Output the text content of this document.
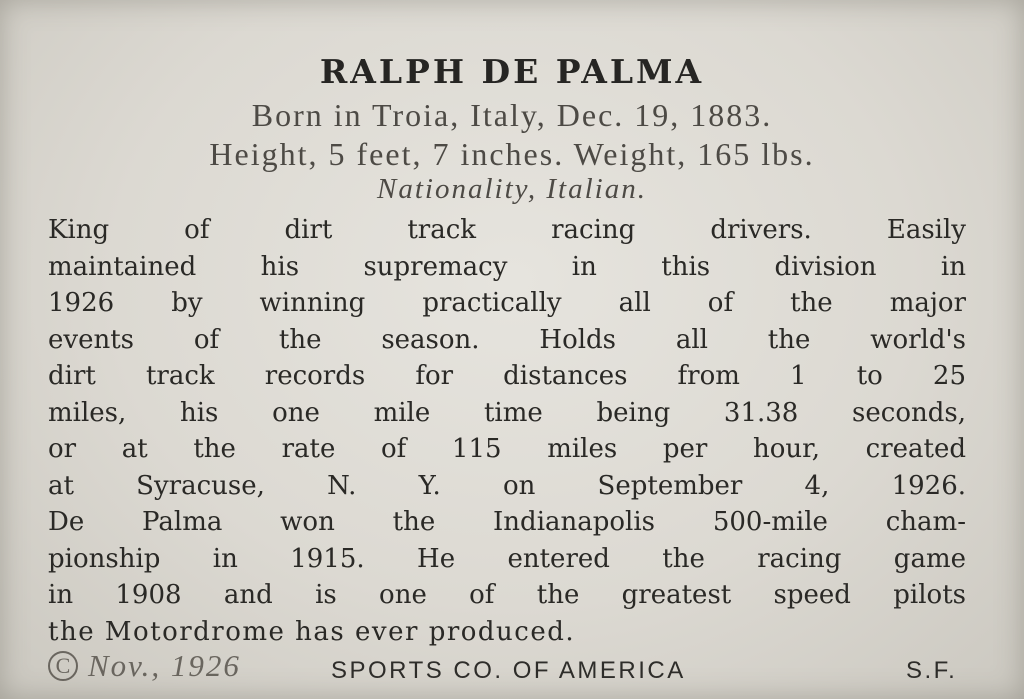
RALPH DE PALMA
Born in Troia, Italy, Dec. 19, 1883.
Height, 5 feet, 7 inches. Weight, 165 lbs.
Nationality, Italian.
King of dirt track racing drivers. Easily
maintained his supremacy in this division in
1926 by winning practically all of the major
events of the season. Holds all the world's
dirt track records for distances from 1 to 25
miles, his one mile time being 31.38 seconds,
or at the rate of 115 miles per hour, created
at Syracuse, N. Y. on September 4, 1926.
De Palma won the Indianapolis 500-mile cham-
pionship in 1915. He entered the racing game
in 1908 and is one of the greatest speed pilots
the Motordrome has ever produced.
C Nov., 1926	SPORTS CO. OF AMERICA	S.F.
